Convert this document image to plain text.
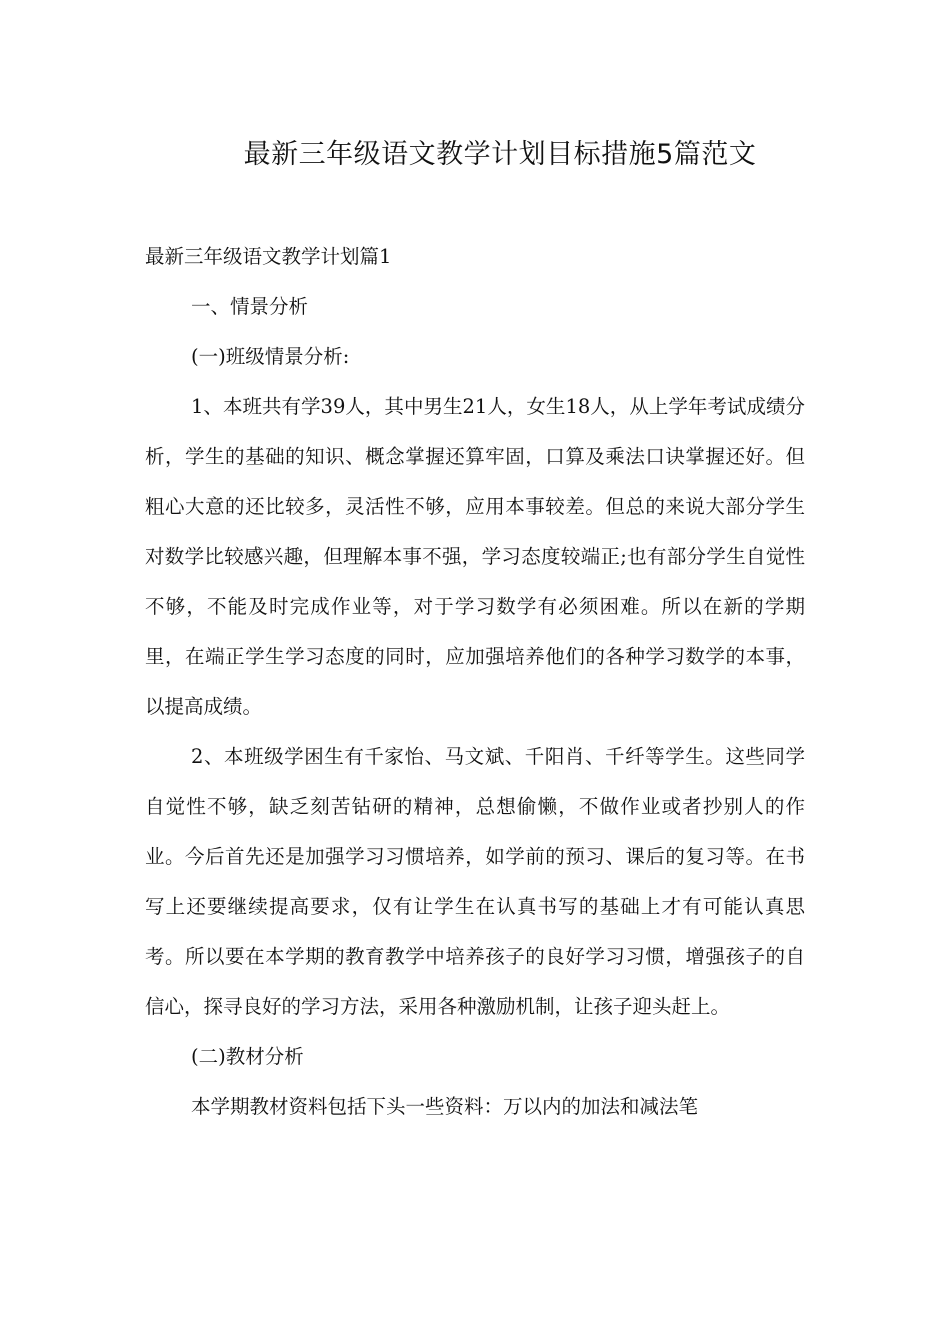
最新三年级语文教学计划目标措施5篇范文

最新三年级语文教学计划篇1

一、情景分析

(一)班级情景分析:

1、本班共有学39人，其中男生21人，女生18人，从上学年考试成绩分析，学生的基础的知识、概念掌握还算牢固，口算及乘法口诀掌握还好。但粗心大意的还比较多，灵活性不够，应用本事较差。但总的来说大部分学生对数学比较感兴趣，但理解本事不强，学习态度较端正;也有部分学生自觉性不够，不能及时完成作业等，对于学习数学有必须困难。所以在新的学期里，在端正学生学习态度的同时，应加强培养他们的各种学习数学的本事，以提高成绩。

2、本班级学困生有千家怡、马文斌、千阳肖、千纤等学生。这些同学自觉性不够，缺乏刻苦钻研的精神，总想偷懒，不做作业或者抄别人的作业。今后首先还是加强学习习惯培养，如学前的预习、课后的复习等。在书写上还要继续提高要求，仅有让学生在认真书写的基础上才有可能认真思考。所以要在本学期的教育教学中培养孩子的良好学习习惯，增强孩子的自信心，探寻良好的学习方法，采用各种激励机制，让孩子迎头赶上。

(二)教材分析

本学期教材资料包括下头一些资料：万以内的加法和减法笔
